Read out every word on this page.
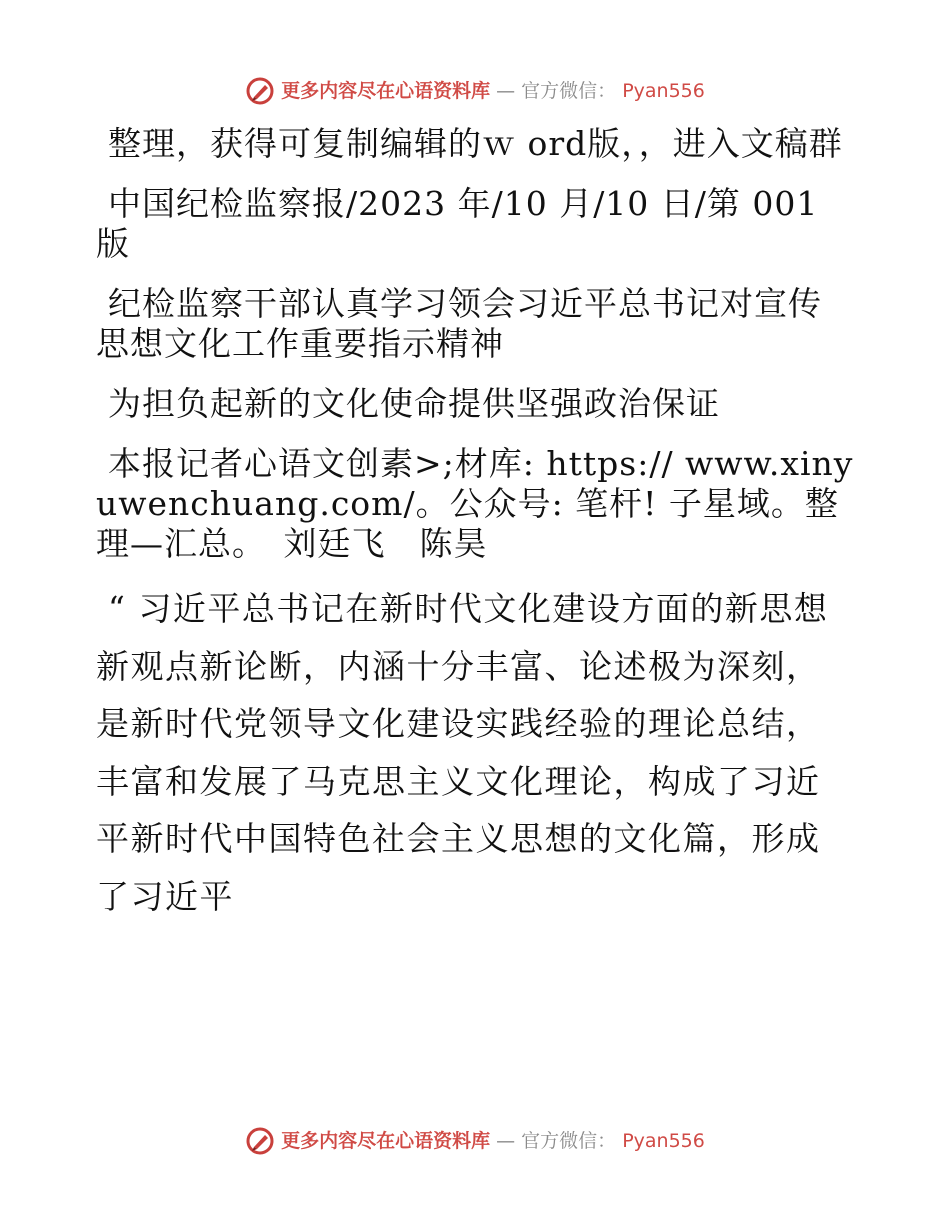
更多内容尽在心语资料库 — 官方微信： Pyan556

整理，获得可复制编辑的ｗ ord版，，进入文稿群

中国纪检监察报/2023 年/10 月/10 日/第 001 版

纪检监察干部认真学习领会习近平总书记对宣传思想文化工作重要指示精神

为担负起新的文化使命提供坚强政治保证

本报记者心语文创素>;材库: https:// www.xinyuwenchuang.com/。公众号: 笔杆! 子星域。整理—汇总。　刘廷飞　陈昊

“ 习近平总书记在新时代文化建设方面的新思想新观点新论断，内涵十分丰富、论述极为深刻，是新时代党领导文化建设实践经验的理论总结，丰富和发展了马克思主义文化理论，构成了习近平新时代中国特色社会主义思想的文化篇，形成了习近平

更多内容尽在心语资料库 — 官方微信： Pyan556
